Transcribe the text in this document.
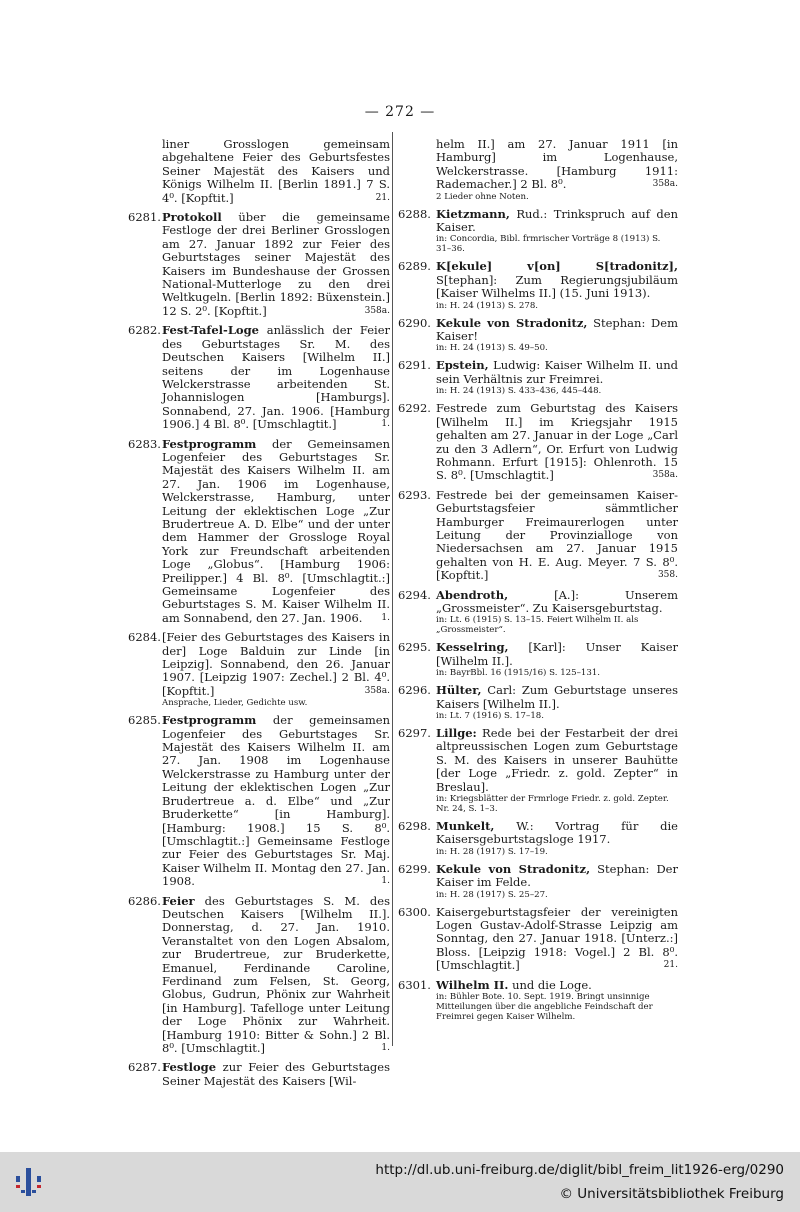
— 272 —
liner Grosslogen gemeinsam abgehaltene Feier des Geburtsfestes Seiner Majestät des Kaisers und Königs Wilhelm II. [Berlin 1891.] 7 S. 4⁰. [Kopftit.]	21.
6281. Protokoll über die gemeinsame Festloge der drei Berliner Grosslogen am 27. Januar 1892 zur Feier des Geburtstages seiner Majestät des Kaisers im Bundeshause der Grossen National-Mutterloge zu den drei Weltkugeln. [Berlin 1892: Büxenstein.] 12 S. 2⁰. [Kopftit.]	358a.
6282. Fest-Tafel-Loge anlässlich der Feier des Geburtstages Sr. M. des Deutschen Kaisers [Wilhelm II.] seitens der im Logenhause Welckerstrasse arbeitenden St. Johannislogen [Hamburgs]. Sonnabend, 27. Jan. 1906. [Hamburg 1906.] 4 Bl. 8⁰. [Umschlagtit.]	1.
6283. Festprogramm der Gemeinsamen Logenfeier des Geburtstages Sr. Majestät des Kaisers Wilhelm II. am 27. Jan. 1906 im Logenhause, Welckerstrasse, Hamburg, unter Leitung der eklektischen Loge „Zur Brudertreue A. D. Elbe“ und der unter dem Hammer der Grossloge Royal York zur Freundschaft arbeitenden Loge „Globus“. [Hamburg 1906: Preilipper.] 4 Bl. 8⁰. [Umschlagtit.:] Gemeinsame Logenfeier des Geburtstages S. M. Kaiser Wilhelm II. am Sonnabend, den 27. Jan. 1906. 1.
6284. [Feier des Geburtstages des Kaisers in der] Loge Balduin zur Linde [in Leipzig]. Sonnabend, den 26. Januar 1907. [Leipzig 1907: Zechel.] 2 Bl. 4⁰. [Kopftit.]	358a.
Ansprache, Lieder, Gedichte usw.
6285. Festprogramm der gemeinsamen Logenfeier des Geburtstages Sr. Majestät des Kaisers Wilhelm II. am 27. Jan. 1908 im Logenhause Welckerstrasse zu Hamburg unter der Leitung der eklektischen Logen „Zur Brudertreue a. d. Elbe“ und „Zur Bruderkette“ [in Hamburg]. [Hamburg: 1908.] 15 S. 8⁰. [Umschlagtit.:] Gemeinsame Festloge zur Feier des Geburtstages Sr. Maj. Kaiser Wilhelm II. Montag den 27. Jan. 1908.	1.
6286. Feier des Geburtstages S. M. des Deutschen Kaisers [Wilhelm II.]. Donnerstag, d. 27. Jan. 1910. Veranstaltet von den Logen Absalom, zur Brudertreue, zur Bruderkette, Emanuel, Ferdinande Caroline, Ferdinand zum Felsen, St. Georg, Globus, Gudrun, Phönix zur Wahrheit [in Hamburg]. Tafelloge unter Leitung der Loge Phönix zur Wahrheit. [Hamburg 1910: Bitter & Sohn.] 2 Bl. 8⁰. [Umschlagtit.]	1.
6287. Festloge zur Feier des Geburtstages Seiner Majestät des Kaisers [Wil-
helm II.] am 27. Januar 1911 [in Hamburg] im Logenhause, Welckerstrasse. [Hamburg 1911: Rademacher.] 2 Bl. 8⁰.	358a.
2 Lieder ohne Noten.
6288. Kietzmann, Rud.: Trinkspruch auf den Kaiser.
in: Concordia, Bibl. frmrischer Vorträge 8 (1913) S. 31–36.
6289. K[ekule] v[on] S[tradonitz], S[tephan]: Zum Regierungsjubiläum [Kaiser Wilhelms II.] (15. Juni 1913).
in: H. 24 (1913) S. 278.
6290. Kekule von Stradonitz, Stephan: Dem Kaiser!
in: H. 24 (1913) S. 49–50.
6291. Epstein, Ludwig: Kaiser Wilhelm II. und sein Verhältnis zur Freimrei.
in: H. 24 (1913) S. 433–436, 445–448.
6292. Festrede zum Geburtstag des Kaisers [Wilhelm II.] im Kriegsjahr 1915 gehalten am 27. Januar in der Loge „Carl zu den 3 Adlern“, Or. Erfurt von Ludwig Rohmann. Erfurt [1915]: Ohlenroth. 15 S. 8⁰. [Umschlagtit.]	358a.
6293. Festrede bei der gemeinsamen Kaiser-Geburtstagsfeier sämmtlicher Hamburger Freimaurerlogen unter Leitung der Provinzialloge von Niedersachsen am 27. Januar 1915 gehalten von H. E. Aug. Meyer. 7 S. 8⁰. [Kopftit.]	358.
6294. Abendroth, [A.]: Unserem „Grossmeister“. Zu Kaisersgeburtstag.
in: Lt. 6 (1915) S. 13–15. Feiert Wilhelm II. als „Grossmeister“.
6295. Kesselring, [Karl]: Unser Kaiser [Wilhelm II.].
in: BayrBbl. 16 (1915/16) S. 125–131.
6296. Hülter, Carl: Zum Geburtstage unseres Kaisers [Wilhelm II.].
in: Lt. 7 (1916) S. 17–18.
6297. Lillge: Rede bei der Festarbeit der drei altpreussischen Logen zum Geburtstage S. M. des Kaisers in unserer Bauhütte [der Loge „Friedr. z. gold. Zepter“ in Breslau].
in: Kriegsblätter der Frmrloge Friedr. z. gold. Zepter. Nr. 24, S. 1–3.
6298. Munkelt, W.: Vortrag für die Kaisersgeburtstagsloge 1917.
in: H. 28 (1917) S. 17–19.
6299. Kekule von Stradonitz, Stephan: Der Kaiser im Felde.
in: H. 28 (1917) S. 25–27.
6300. Kaisergeburtstagsfeier der vereinigten Logen Gustav-Adolf-Strasse Leipzig am Sonntag, den 27. Januar 1918. [Unterz.:] Bloss. [Leipzig 1918: Vogel.] 2 Bl. 8⁰. [Umschlagtit.]	21.
6301. Wilhelm II. und die Loge.
in: Bühler Bote. 10. Sept. 1919. Bringt unsinnige Mitteilungen über die angebliche Feindschaft der Freimrei gegen Kaiser Wilhelm.
http://dl.ub.uni-freiburg.de/diglit/bibl_freim_lit1926-erg/0290
© Universitätsbibliothek Freiburg
